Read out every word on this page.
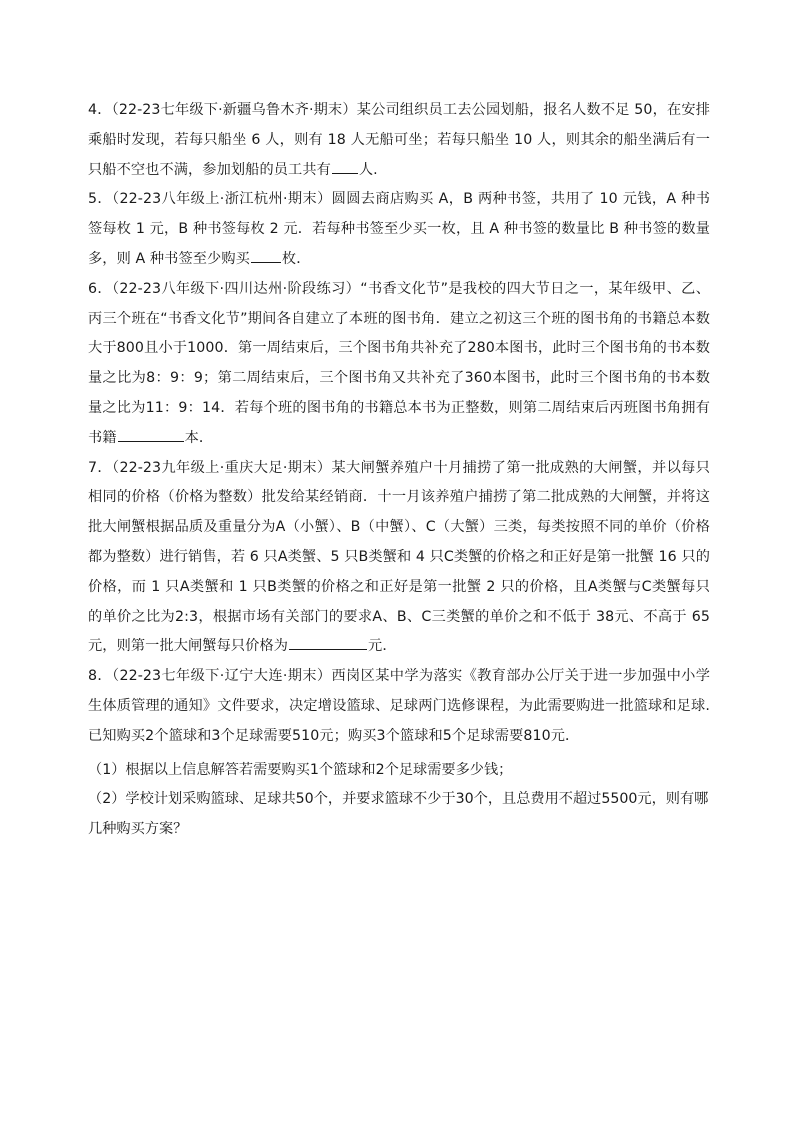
4．（22-23七年级下·新疆乌鲁木齐·期末）某公司组织员工去公园划船，报名人数不足 50，在安排乘船时发现，若每只船坐 6 人，则有 18 人无船可坐；若每只船坐 10 人，则其余的船坐满后有一只船不空也不满，参加划船的员工共有 人.

5．（22-23八年级上·浙江杭州·期末）圆圆去商店购买 A，B 两种书签，共用了 10 元钱，A 种书签每枚 1 元，B 种书签每枚 2 元．若每种书签至少买一枚，且 A 种书签的数量比 B 种书签的数量多，则 A 种书签至少购买 枚．

6．（22-23八年级下·四川达州·阶段练习）“书香文化节”是我校的四大节日之一，某年级甲、乙、丙三个班在“书香文化节”期间各自建立了本班的图书角．建立之初这三个班的图书角的书籍总本数大于800且小于1000．第一周结束后，三个图书角共补充了280本图书，此时三个图书角的书本数量之比为8：9：9；第二周结束后，三个图书角又共补充了360本图书，此时三个图书角的书本数量之比为11：9：14．若每个班的图书角的书籍总本书为正整数，则第二周结束后丙班图书角拥有书籍	本．

7．（22-23九年级上·重庆大足·期末）某大闸蟹养殖户十月捕捞了第一批成熟的大闸蟹，并以每只相同的价格（价格为整数）批发给某经销商．十一月该养殖户捕捞了第二批成熟的大闸蟹，并将这批大闸蟹根据品质及重量分为A（小蟹）、B（中蟹）、C（大蟹）三类，每类按照不同的单价（价格都为整数）进行销售，若 6 只A类蟹、5 只B类蟹和 4 只C类蟹的价格之和正好是第一批蟹 16 只的价格，而 1 只A类蟹和 1 只B类蟹的价格之和正好是第一批蟹 2 只的价格，且A类蟹与C类蟹每只的单价之比为2:3，根据市场有关部门的要求A、B、C三类蟹的单价之和不低于 38元、不高于 65元，则第一批大闸蟹每只价格为	元．

8．（22-23七年级下·辽宁大连·期末）西岗区某中学为落实《教育部办公厅关于进一步加强中小学生体质管理的通知》文件要求，决定增设篮球、足球两门选修课程，为此需要购进一批篮球和足球.已知购买2个篮球和3个足球需要510元；购买3个篮球和5个足球需要810元．

（1）根据以上信息解答若需要购买1个篮球和2个足球需要多少钱；

（2）学校计划采购篮球、足球共50个，并要求篮球不少于30个，且总费用不超过5500元，则有哪几种购买方案？
